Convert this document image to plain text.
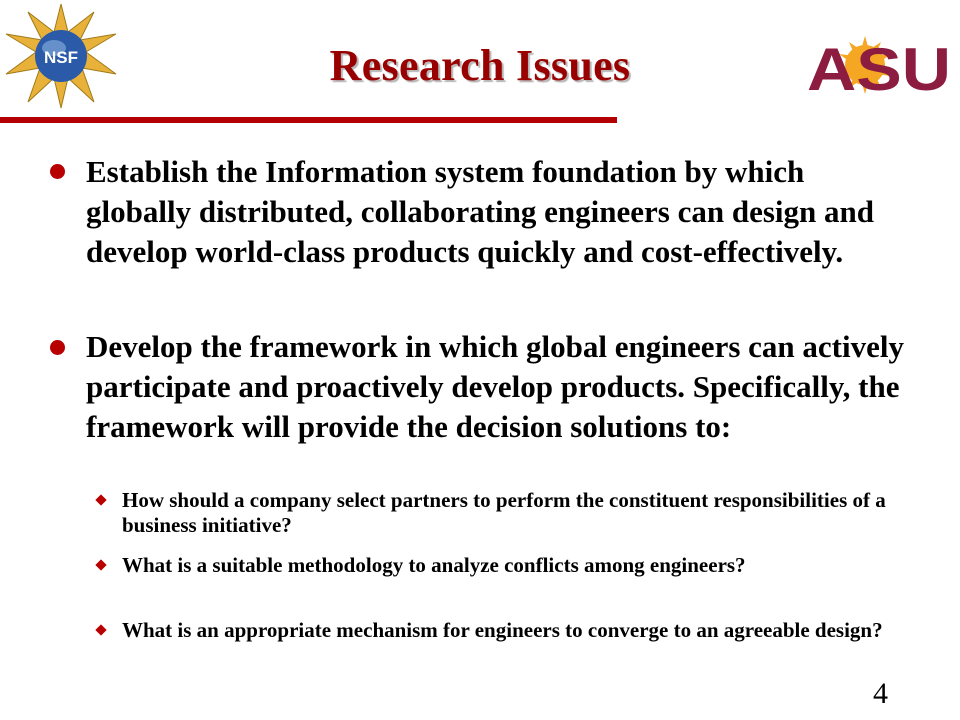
NSF	Research Issues	ASU
Establish the Information system foundation by which globally distributed, collaborating engineers can design and develop world-class products quickly and cost-effectively.
Develop the framework in which global engineers can actively participate and proactively develop products. Specifically, the framework will provide the decision solutions to:
How should a company select partners to perform the constituent responsibilities of a business initiative?
What is a suitable methodology to analyze conflicts among engineers?
What is an appropriate mechanism for engineers to converge to an agreeable design?
4
